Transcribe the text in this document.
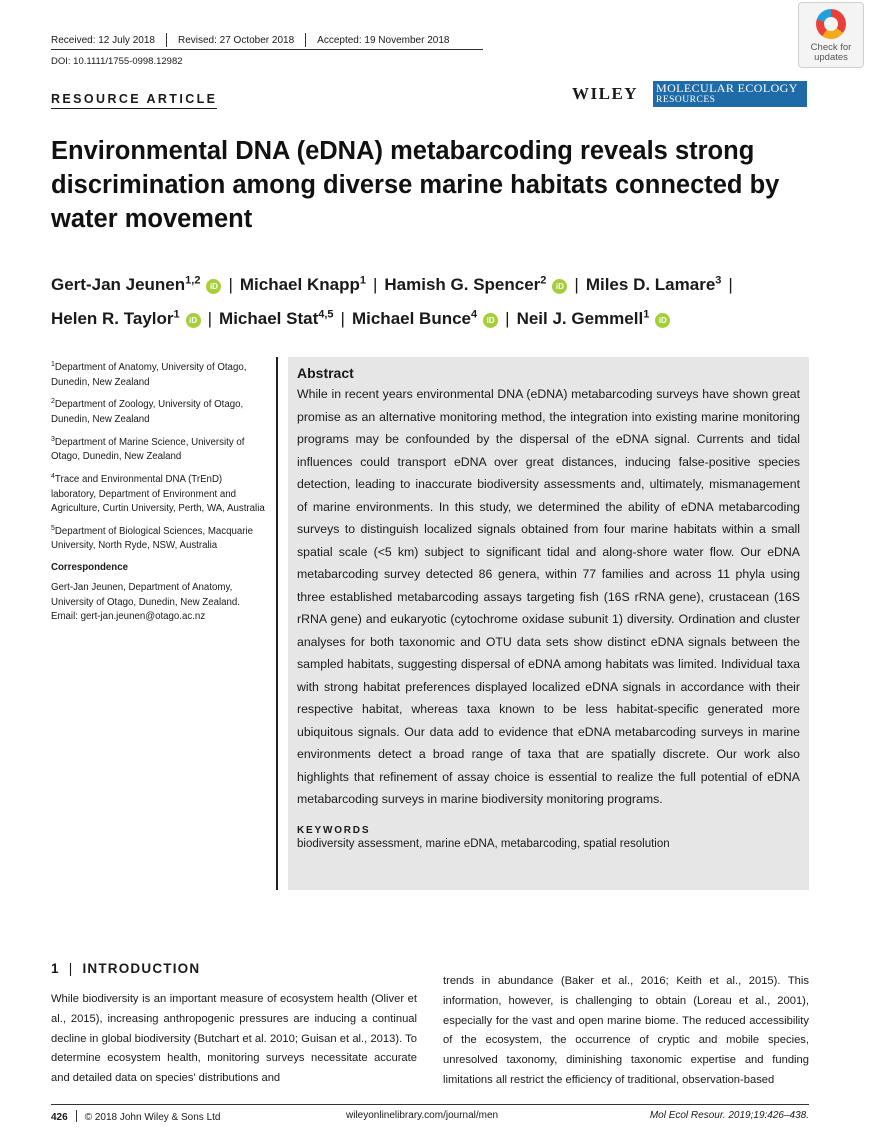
Received: 12 July 2018 Revised: 27 October 2018 Accepted: 19 November 2018
DOI: 10.1111/1755-0998.12982
Check for updates
RESOURCE ARTICLE	WILEY MOLECULAR ECOLOGY
RESOURCES
Environmental DNA (eDNA) metabarcoding reveals strong discrimination among diverse marine habitats connected by water movement
Gert-Jan Jeunen$^{1,2}$iD | Michael Knapp$^1$ | Hamish G. Spencer$^2$iD | Miles D. Lamare$^3$ |
Helen R. Taylor$^1$iD | Michael Stat$^{4,5}$ | Michael Bunce$^4$iD | Neil J. Gemmell$^1$iD

$^1$Department of Anatomy, University of Otago, Dunedin, New Zealand

$^2$Department of Zoology, University of Otago, Dunedin, New Zealand

$^3$Department of Marine Science, University of Otago, Dunedin, New Zealand

$^4$Trace and Environmental DNA (TrEnD) laboratory, Department of Environment and Agriculture, Curtin University, Perth, WA, Australia

$^5$Department of Biological Sciences, Macquarie University, North Ryde, NSW, Australia

Correspondence

Gert-Jan Jeunen, Department of Anatomy, University of Otago, Dunedin, New Zealand. Email: gert-jan.jeunen@otago.ac.nz

Abstract
While in recent years environmental DNA (eDNA) metabarcoding surveys have shown great promise as an alternative monitoring method, the integration into existing marine monitoring programs may be confounded by the dispersal of the eDNA signal. Currents and tidal influences could transport eDNA over great distances, inducing false-positive species detection, leading to inaccurate biodiversity assessments and, ultimately, mismanagement of marine environments. In this study, we determined the ability of eDNA metabarcoding surveys to distinguish localized signals obtained from four marine habitats within a small spatial scale (<5 km) subject to significant tidal and along-shore water flow. Our eDNA metabarcoding survey detected 86 genera, within 77 families and across 11 phyla using three established metabarcoding assays targeting fish (16S rRNA gene), crustacean (16S rRNA gene) and eukaryotic (cytochrome oxidase subunit 1) diversity. Ordination and cluster analyses for both taxonomic and OTU data sets show distinct eDNA signals between the sampled habitats, suggesting dispersal of eDNA among habitats was limited. Individual taxa with strong habitat preferences displayed localized eDNA signals in accordance with their respective habitat, whereas taxa known to be less habitat-specific generated more ubiquitous signals. Our data add to evidence that eDNA metabarcoding surveys in marine environments detect a broad range of taxa that are spatially discrete. Our work also highlights that refinement of assay choice is essential to realize the full potential of eDNA metabarcoding surveys in marine biodiversity monitoring programs.
KEYWORDS
biodiversity assessment, marine eDNA, metabarcoding, spatial resolution
1 | INTRODUCTION
While biodiversity is an important measure of ecosystem health (Oliver et al., 2015), increasing anthropogenic pressures are inducing a continual decline in global biodiversity (Butchart et al. 2010; Guisan et al., 2013). To determine ecosystem health, monitoring surveys necessitate accurate and detailed data on species' distributions and
trends in abundance (Baker et al., 2016; Keith et al., 2015). This information, however, is challenging to obtain (Loreau et al., 2001), especially for the vast and open marine biome. The reduced accessibility of the ecosystem, the occurrence of cryptic and mobile species, unresolved taxonomy, diminishing taxonomic expertise and funding limitations all restrict the efficiency of traditional, observation-based
426 © 2018 John Wiley & Sons Ltd	wileyonlinelibrary.com/journal/men	Mol Ecol Resour. 2019;19:426–438.
